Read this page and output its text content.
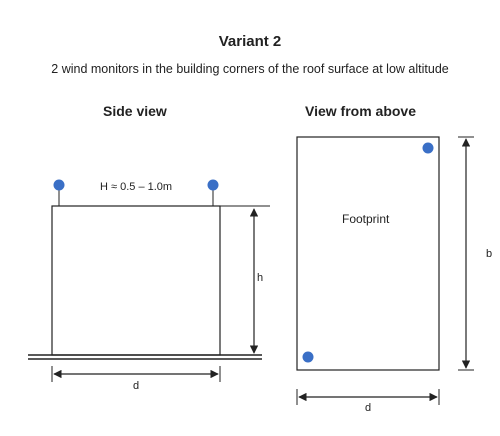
Variant 2
2 wind monitors in the building corners of the roof surface at low altitude
Side view	View from above
H ≈ 0.5 – 1.0m
h
d
Footprint
b
d
